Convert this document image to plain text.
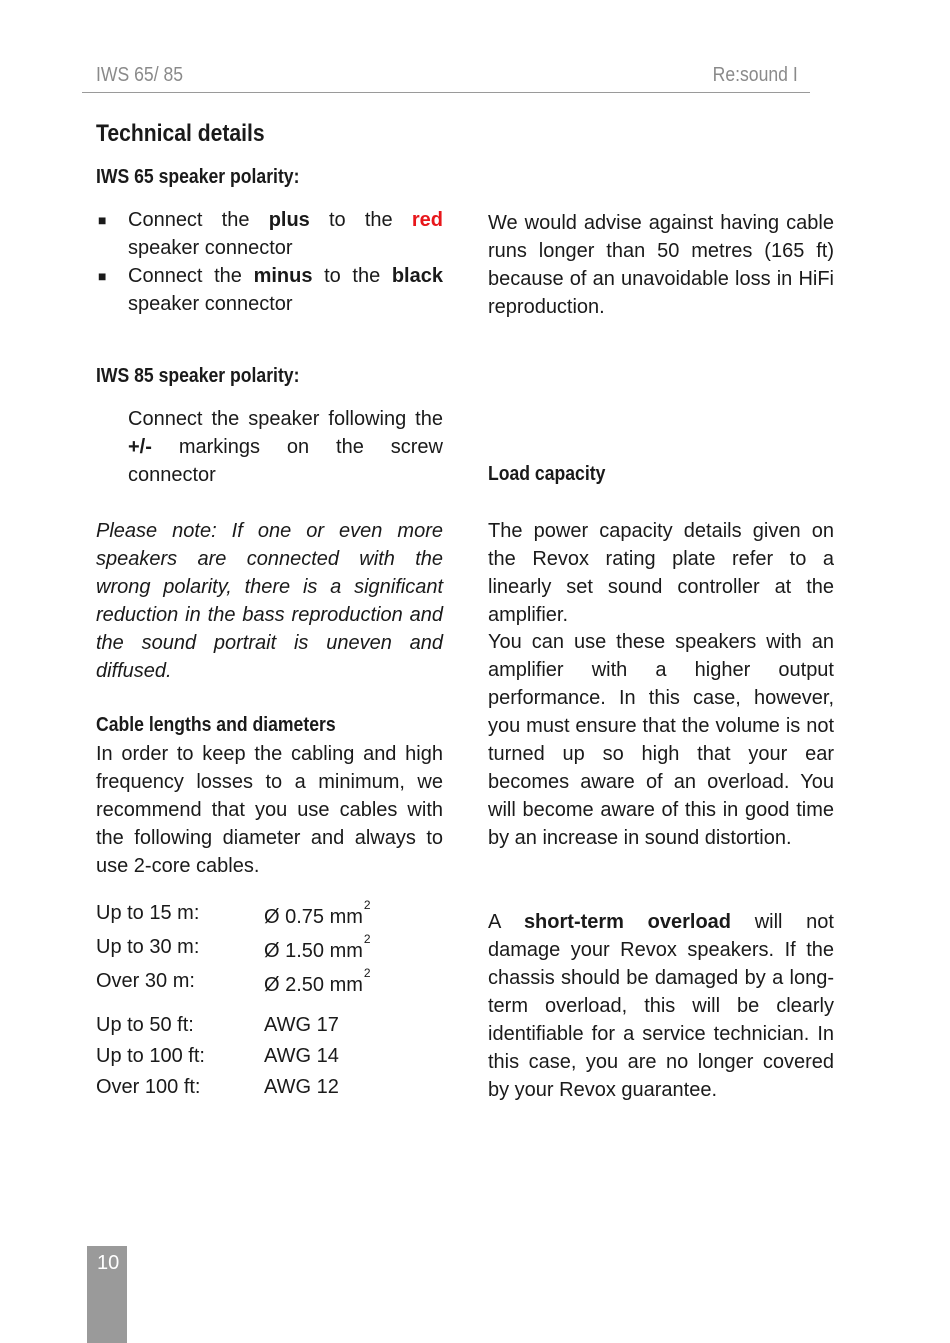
IWS 65/ 85	Re:sound I
Technical details
IWS 65 speaker polarity:
■ Connect the plus to the red speaker connector
■ Connect the minus to the black speaker connector
IWS 85 speaker polarity:
Connect the speaker following the +/- markings on the screw connector
Please note: If one or even more speakers are connected with the wrong polarity, there is a significant reduction in the bass reproduction and the sound portrait is uneven and diffused.
Cable lengths and diameters
In order to keep the cabling and high frequency losses to a minimum, we recommend that you use cables with the following diameter and always to use 2-core cables.
Up to 15 m:	Ø 0.75 $mm^2$
Up to 30 m:	Ø 1.50 $mm^2$
Over 30 m:	Ø 2.50 $mm^2$
Up to 50 ft:	AWG 17
Up to 100 ft:	AWG 14
Over 100 ft:	AWG 12
We would advise against having cable runs longer than 50 metres (165 ft) because of an unavoidable loss in HiFi reproduction.
Load capacity
The power capacity details given on the Revox rating plate refer to a linearly set sound controller at the amplifier.
You can use these speakers with an amplifier with a higher output performance. In this case, however, you must ensure that the volume is not turned up so high that your ear becomes aware of an overload. You will become aware of this in good time by an increase in sound distortion.
A short-term overload will not damage your Revox speakers. If the chassis should be damaged by a long-term overload, this will be clearly identifiable for a service technician. In this case, you are no longer covered by your Revox guarantee.
10
